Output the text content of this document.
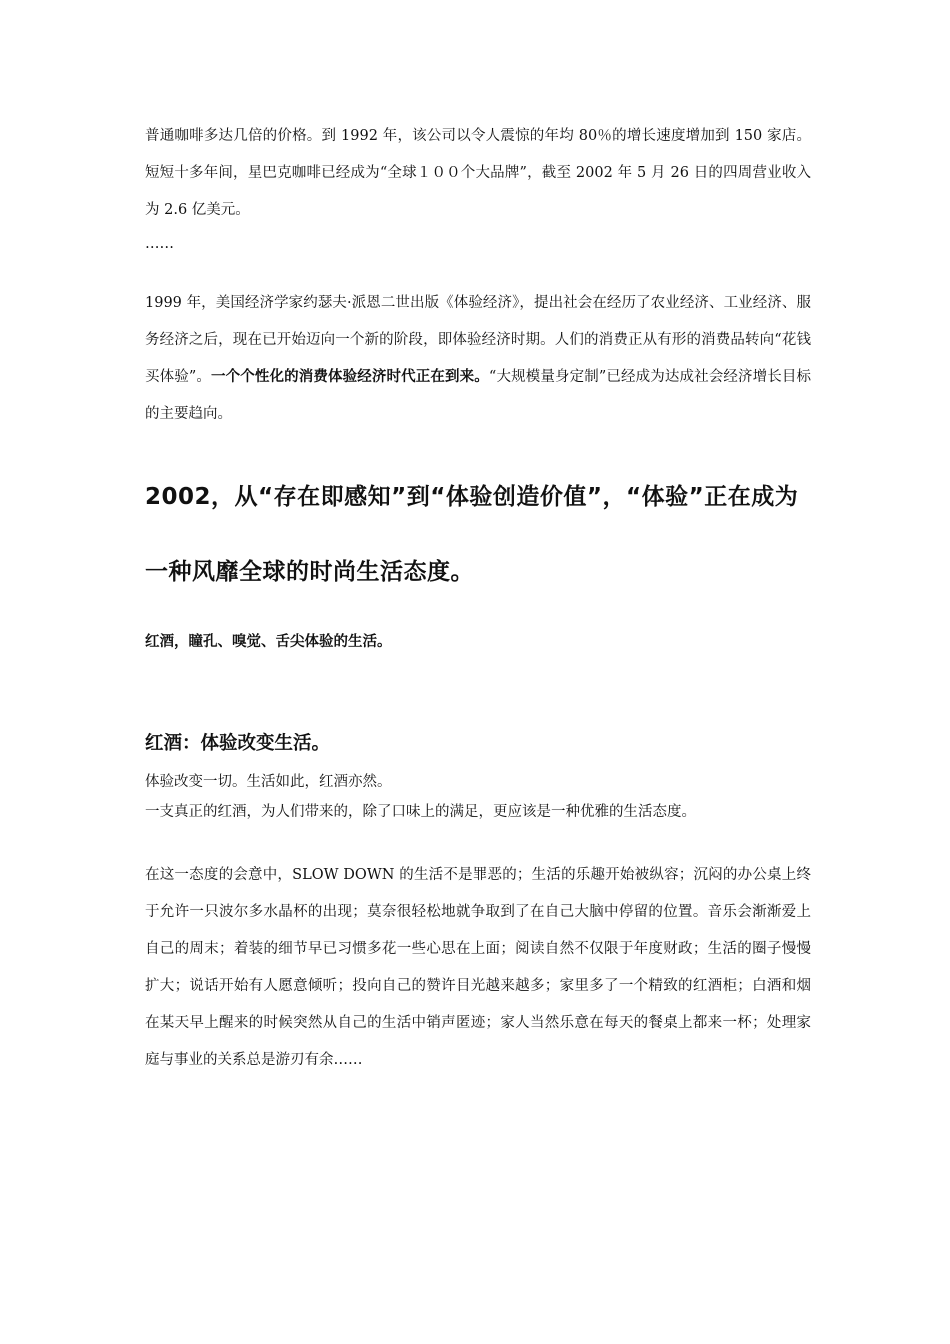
普通咖啡多达几倍的价格。到 1992 年，该公司以令人震惊的年均 80％的增长速度增加到 150 家店。短短十多年间，星巴克咖啡已经成为“全球１００个大品牌”，截至 2002 年 5 月 26 日的四周营业收入为 2.6 亿美元。

……

1999 年，美国经济学家约瑟夫·派恩二世出版《体验经济》，提出社会在经历了农业经济、工业经济、服务经济之后，现在已开始迈向一个新的阶段，即体验经济时期。人们的消费正从有形的消费品转向“花钱买体验”。一个个性化的消费体验经济时代正在到来。“大规模量身定制”已经成为达成社会经济增长目标的主要趋向。

2002，从“存在即感知”到“体验创造价值”，“体验”正在成为一种风靡全球的时尚生活态度。

红酒，瞳孔、嗅觉、舌尖体验的生活。

红酒：体验改变生活。

体验改变一切。生活如此，红酒亦然。

一支真正的红酒，为人们带来的，除了口味上的满足，更应该是一种优雅的生活态度。

在这一态度的会意中，SLOW DOWN 的生活不是罪恶的；生活的乐趣开始被纵容；沉闷的办公桌上终于允许一只波尔多水晶杯的出现；莫奈很轻松地就争取到了在自己大脑中停留的位置。音乐会渐渐爱上自己的周末；着装的细节早已习惯多花一些心思在上面；阅读自然不仅限于年度财政；生活的圈子慢慢扩大；说话开始有人愿意倾听；投向自己的赞许目光越来越多；家里多了一个精致的红酒柜；白酒和烟在某天早上醒来的时候突然从自己的生活中销声匿迹；家人当然乐意在每天的餐桌上都来一杯；处理家庭与事业的关系总是游刃有余……
